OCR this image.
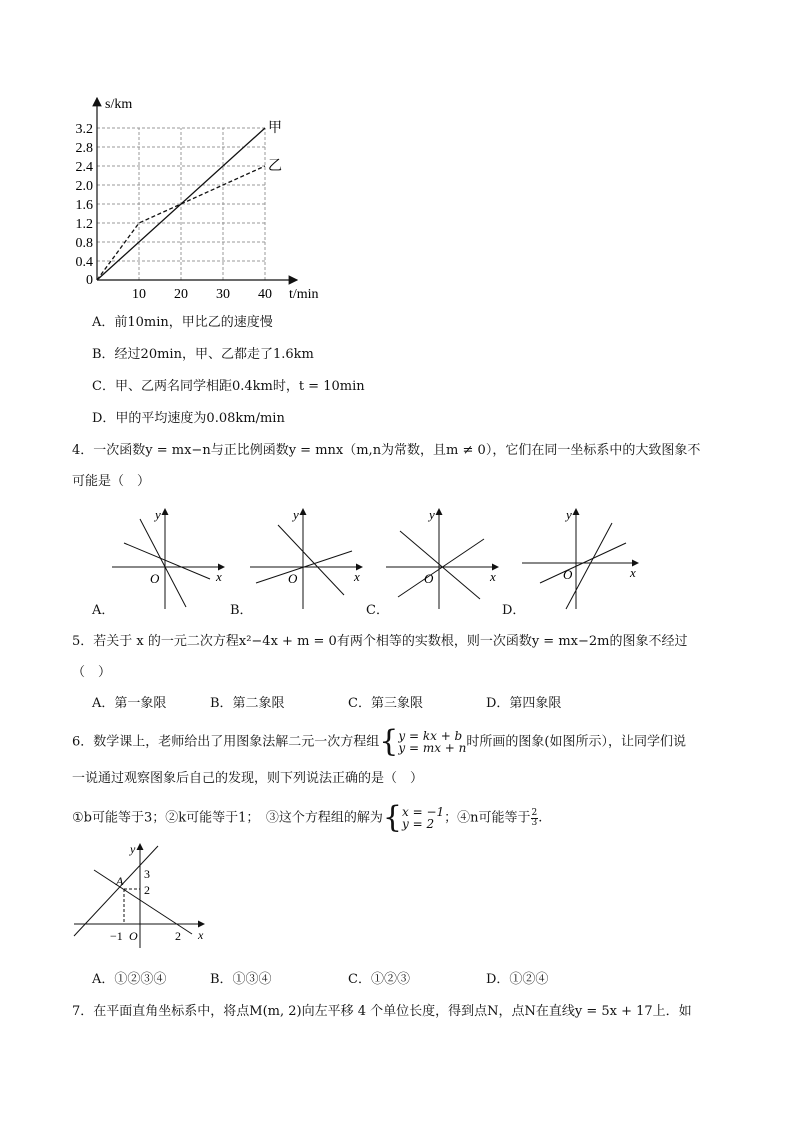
甲
乙
0.4
0.8
1.2
1.6
2.0
2.4
2.8
3.2
10 20 30 40
0
s/km
t/min
A．前10min，甲比乙的速度慢
B．经过20min，甲、乙都走了1.6km
C．甲、乙两名同学相距0.4km时，t = 10min
D．甲的平均速度为0.08km/min
4．一次函数y = mx−n与正比例函数y = mnx（m,n为常数，且m ≠ 0），它们在同一坐标系中的大致图象不
可能是（　）
y
x
O
y
x
O
y
x
O
y
x
O
A．	B．	C．	D．
5．若关于 x 的一元二次方程x²−4x + m = 0有两个相等的实数根，则一次函数y = mx−2m的图象不经过
（　）
A．第一象限	B．第二象限	C．第三象限	D．第四象限
6．数学课上，老师给出了用图象法解二元一次方程组{ y = kx + b
y = mx + n 时所画的图象(如图所示），让同学们说
一说通过观察图象后自己的发现，则下列说法正确的是（　）
①b可能等于3；②k可能等于1；　③这个方程组的解为{ x = −1
y = 2 ；④n可能等于 $\frac{2}{3}$ .
y
x
A 3
2
−1 O	2
A．①②③④	B．①③④	C．①②③	D．①②④
7．在平面直角坐标系中，将点M(m, 2)向左平移 4 个单位长度，得到点N，点N在直线y = 5x + 17上．如
